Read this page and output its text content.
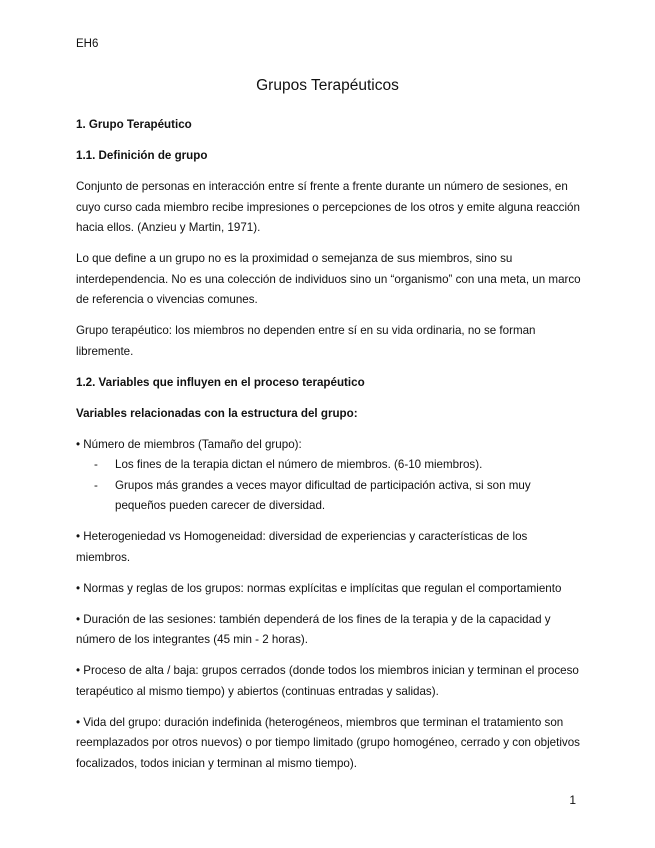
EH6
Grupos Terapéuticos

1. Grupo Terapéutico

1.1. Definición de grupo

Conjunto de personas en interacción entre sí frente a frente durante un número de sesiones, en cuyo curso cada miembro recibe impresiones o percepciones de los otros y emite alguna reacción hacia ellos. (Anzieu y Martin, 1971).

Lo que define a un grupo no es la proximidad o semejanza de sus miembros, sino su interdependencia. No es una colección de individuos sino un “organismo” con una meta, un marco de referencia o vivencias comunes.

Grupo terapéutico: los miembros no dependen entre sí en su vida ordinaria, no se forman libremente.

1.2. Variables que influyen en el proceso terapéutico

Variables relacionadas con la estructura del grupo:

• Número de miembros (Tamaño del grupo):
- Los fines de la terapia dictan el número de miembros. (6-10 miembros).
- Grupos más grandes a veces mayor dificultad de participación activa, si son muy pequeños pueden carecer de diversidad.

• Heterogeniedad vs Homogeneidad: diversidad de experiencias y características de los miembros.

• Normas y reglas de los grupos: normas explícitas e implícitas que regulan el comportamiento

• Duración de las sesiones: también dependerá de los fines de la terapia y de la capacidad y número de los integrantes (45 min - 2 horas).

• Proceso de alta / baja: grupos cerrados (donde todos los miembros inician y terminan el proceso terapéutico al mismo tiempo) y abiertos (continuas entradas y salidas).

• Vida del grupo: duración indefinida (heterogéneos, miembros que terminan el tratamiento son reemplazados por otros nuevos) o por tiempo limitado (grupo homogéneo, cerrado y con objetivos focalizados, todos inician y terminan al mismo tiempo).

1
